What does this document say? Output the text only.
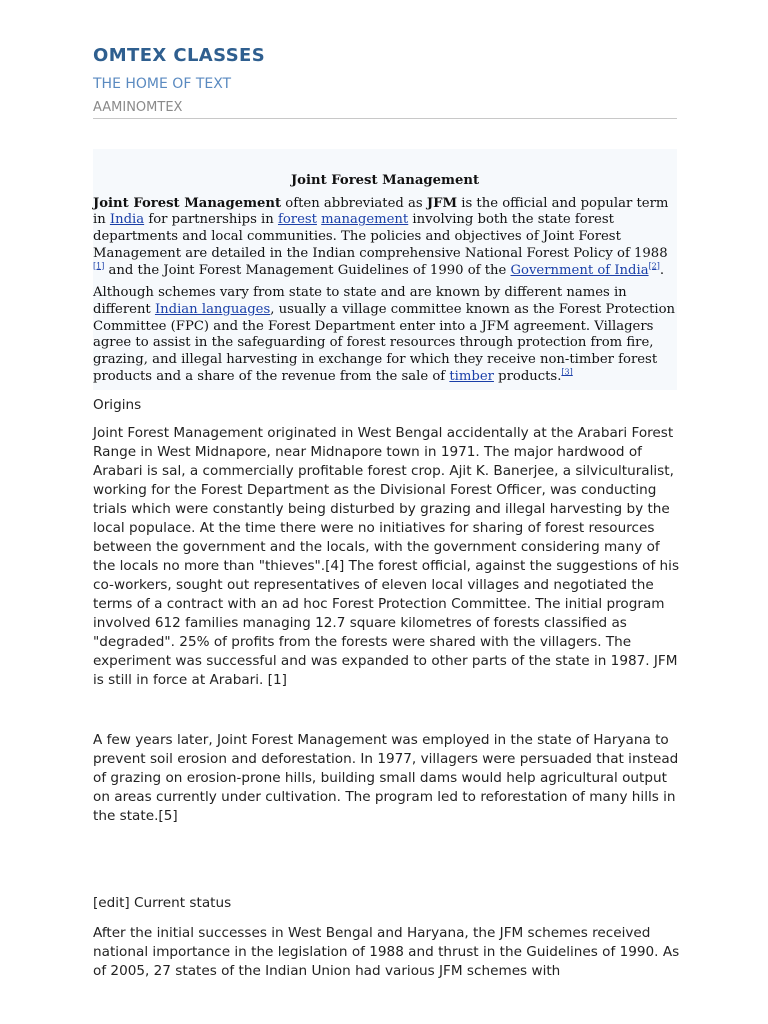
OMTEX CLASSES
THE HOME OF TEXT
AAMINOMTEX
Joint Forest Management

Joint Forest Management often abbreviated as JFM is the official and popular term in India for partnerships in forest management involving both the state forest departments and local communities. The policies and objectives of Joint Forest Management are detailed in the Indian comprehensive National Forest Policy of 1988 [1] and the Joint Forest Management Guidelines of 1990 of the Government of India[2].

Although schemes vary from state to state and are known by different names in different Indian languages, usually a village committee known as the Forest Protection Committee (FPC) and the Forest Department enter into a JFM agreement. Villagers agree to assist in the safeguarding of forest resources through protection from fire, grazing, and illegal harvesting in exchange for which they receive non-timber forest products and a share of the revenue from the sale of timber products.[3]

Origins

Joint Forest Management originated in West Bengal accidentally at the Arabari Forest Range in West Midnapore, near Midnapore town in 1971. The major hardwood of Arabari is sal, a commercially profitable forest crop. Ajit K. Banerjee, a silviculturalist, working for the Forest Department as the Divisional Forest Officer, was conducting trials which were constantly being disturbed by grazing and illegal harvesting by the local populace. At the time there were no initiatives for sharing of forest resources between the government and the locals, with the government considering many of the locals no more than "thieves".[4] The forest official, against the suggestions of his co-workers, sought out representatives of eleven local villages and negotiated the terms of a contract with an ad hoc Forest Protection Committee. The initial program involved 612 families managing 12.7 square kilometres of forests classified as "degraded". 25% of profits from the forests were shared with the villagers. The experiment was successful and was expanded to other parts of the state in 1987. JFM is still in force at Arabari. [1]

A few years later, Joint Forest Management was employed in the state of Haryana to prevent soil erosion and deforestation. In 1977, villagers were persuaded that instead of grazing on erosion-prone hills, building small dams would help agricultural output on areas currently under cultivation. The program led to reforestation of many hills in the state.[5]

[edit] Current status

After the initial successes in West Bengal and Haryana, the JFM schemes received national importance in the legislation of 1988 and thrust in the Guidelines of 1990. As of 2005, 27 states of the Indian Union had various JFM schemes with
